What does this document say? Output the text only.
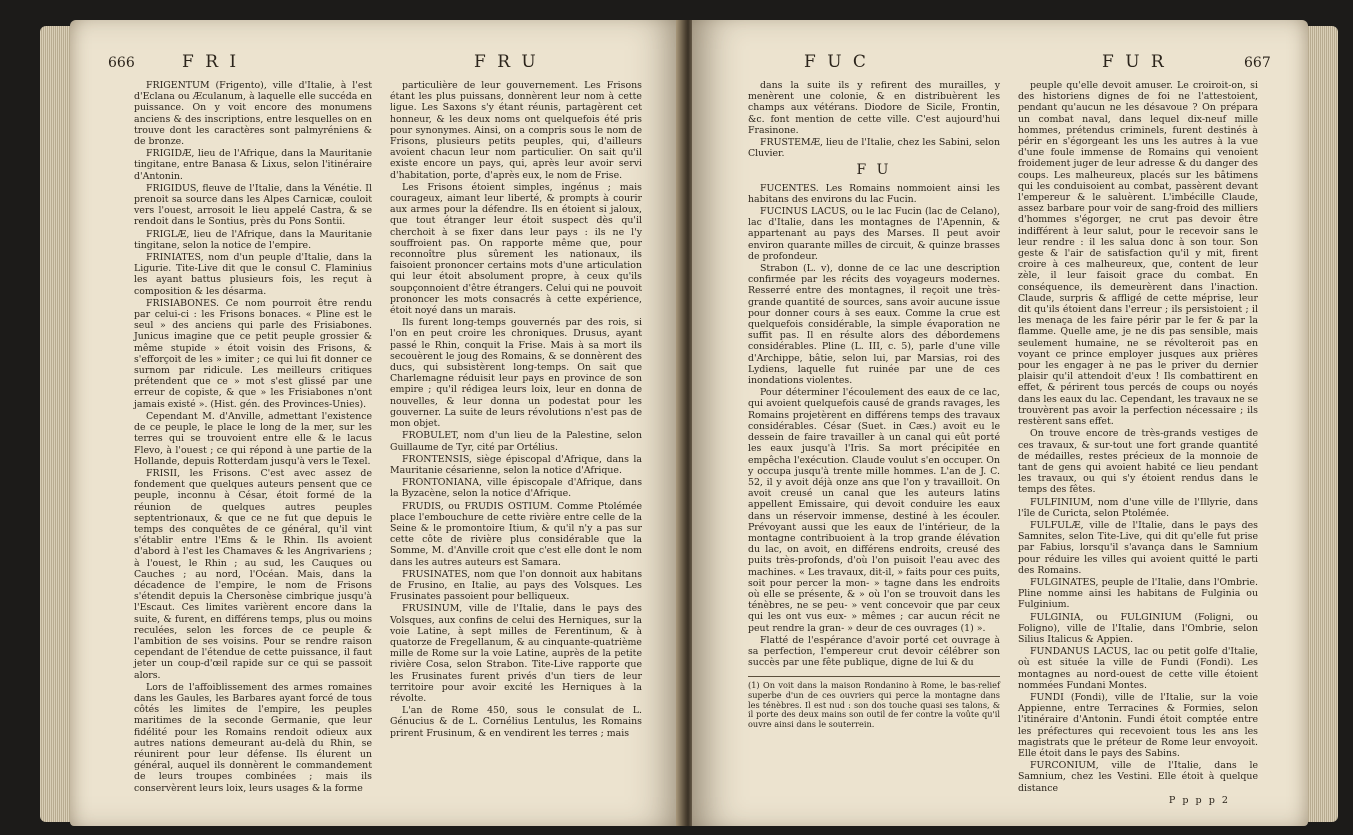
666	F R I	F R U

FRIGENTUM (Frigento), ville d'Italie, à l'est d'Eclana ou Æculanum, à laquelle elle succéda en puissance. On y voit encore des monumens anciens & des inscriptions, entre lesquelles on en trouve dont les caractères sont palmyréniens & de bronze.

FRIGIDÆ, lieu de l'Afrique, dans la Mauritanie tingitane, entre Banasa & Lixus, selon l'itinéraire d'Antonin.

FRIGIDUS, fleuve de l'Italie, dans la Vénétie. Il prenoit sa source dans les Alpes Carnicæ, couloit vers l'ouest, arrosoit le lieu appelé Castra, & se rendoit dans le Sontius, près du Pons Sontii.

FRIGLÆ, lieu de l'Afrique, dans la Mauritanie tingitane, selon la notice de l'empire.

FRINIATES, nom d'un peuple d'Italie, dans la Ligurie. Tite-Live dit que le consul C. Flaminius les ayant battus plusieurs fois, les reçut à composition & les désarma.

FRISIABONES. Ce nom pourroit être rendu par celui-ci : les Frisons bonaces. « Pline est le seul » des anciens qui parle des Frisiabones. Junicus imagine que ce petit peuple grossier & même stupide » étoit voisin des Frisons, & s'efforçoit de les » imiter ; ce qui lui fit donner ce surnom par ridicule. Les meilleurs critiques prétendent que ce » mot s'est glissé par une erreur de copiste, & que » les Frisiabones n'ont jamais existé ». (Hist. gén. des Provinces-Unies).

Cependant M. d'Anville, admettant l'existence de ce peuple, le place le long de la mer, sur les terres qui se trouvoient entre elle & le lacus Flevo, à l'ouest ; ce qui répond à une partie de la Hollande, depuis Rotterdam jusqu'à vers le Texel.

FRISII, les Frisons. C'est avec assez de fondement que quelques auteurs pensent que ce peuple, inconnu à César, étoit formé de la réunion de quelques autres peuples septentrionaux, & que ce ne fut que depuis le temps des conquêtes de ce général, qu'il vint s'établir entre l'Ems & le Rhin. Ils avoient d'abord à l'est les Chamaves & les Angrivariens ; à l'ouest, le Rhin ; au sud, les Cauques ou Cauches ; au nord, l'Océan. Mais, dans la décadence de l'empire, le nom de Frisons s'étendit depuis la Chersonèse cimbrique jusqu'à l'Escaut. Ces limites varièrent encore dans la suite, & furent, en différens temps, plus ou moins reculées, selon les forces de ce peuple & l'ambition de ses voisins. Pour se rendre raison cependant de l'étendue de cette puissance, il faut jeter un coup-d'œil rapide sur ce qui se passoit alors.

Lors de l'affoiblissement des armes romaines dans les Gaules, les Barbares ayant forcé de tous côtés les limites de l'empire, les peuples maritimes de la seconde Germanie, que leur fidélité pour les Romains rendoit odieux aux autres nations demeurant au-delà du Rhin, se réunirent pour leur défense. Ils élurent un général, auquel ils donnèrent le commandement de leurs troupes combinées ; mais ils conservèrent leurs loix, leurs usages & la forme

particulière de leur gouvernement. Les Frisons étant les plus puissans, donnèrent leur nom à cette ligue. Les Saxons s'y étant réunis, partagèrent cet honneur, & les deux noms ont quelquefois été pris pour synonymes. Ainsi, on a compris sous le nom de Frisons, plusieurs petits peuples, qui, d'ailleurs avoient chacun leur nom particulier. On sait qu'il existe encore un pays, qui, après leur avoir servi d'habitation, porte, d'après eux, le nom de Frise.

Les Frisons étoient simples, ingénus ; mais courageux, aimant leur liberté, & prompts à courir aux armes pour la défendre. Ils en étoient si jaloux, que tout étranger leur étoit suspect dès qu'il cherchoit à se fixer dans leur pays : ils ne l'y souffroient pas. On rapporte même que, pour reconnoître plus sûrement les nationaux, ils faisoient prononcer certains mots d'une articulation qui leur étoit absolument propre, à ceux qu'ils soupçonnoient d'être étrangers. Celui qui ne pouvoit prononcer les mots consacrés à cette expérience, étoit noyé dans un marais.

Ils furent long-temps gouvernés par des rois, si l'on en peut croire les chroniques. Drusus, ayant passé le Rhin, conquit la Frise. Mais à sa mort ils secouèrent le joug des Romains, & se donnèrent des ducs, qui subsistèrent long-temps. On sait que Charlemagne réduisit leur pays en province de son empire ; qu'il rédigea leurs loix, leur en donna de nouvelles, & leur donna un podestat pour les gouverner. La suite de leurs révolutions n'est pas de mon objet.

FROBULET, nom d'un lieu de la Palestine, selon Guillaume de Tyr, cité par Ortélius.

FRONTENSIS, siège épiscopal d'Afrique, dans la Mauritanie césarienne, selon la notice d'Afrique.

FRONTONIANA, ville épiscopale d'Afrique, dans la Byzacène, selon la notice d'Afrique.

FRUDIS, ou FRUDIS OSTIUM. Comme Ptolémée place l'embouchure de cette rivière entre celle de la Seine & le promontoire Itium, & qu'il n'y a pas sur cette côte de rivière plus considérable que la Somme, M. d'Anville croit que c'est elle dont le nom dans les autres auteurs est Samara.

FRUSINATES, nom que l'on donnoit aux habitans de Frusino, en Italie, au pays des Volsques. Les Frusinates passoient pour belliqueux.

FRUSINUM, ville de l'Italie, dans le pays des Volsques, aux confins de celui des Herniques, sur la voie Latine, à sept milles de Ferentinum, & à quatorze de Fregellanum, & au cinquante-quatrième mille de Rome sur la voie Latine, auprès de la petite rivière Cosa, selon Strabon. Tite-Live rapporte que les Frusinates furent privés d'un tiers de leur territoire pour avoir excité les Herniques à la révolte.

L'an de Rome 450, sous le consulat de L. Génucius & de L. Cornélius Lentulus, les Romains prirent Frusinum, & en vendirent les terres ; mais

F U C	F U R	667

dans la suite ils y refirent des murailles, y menèrent une colonie, & en distribuèrent les champs aux vétérans. Diodore de Sicile, Frontin, &c. font mention de cette ville. C'est aujourd'hui Frasinone.

FRUSTEMÆ, lieu de l'Italie, chez les Sabini, selon Cluvier.

F U

FUCENTES. Les Romains nommoient ainsi les habitans des environs du lac Fucin.

FUCINUS LACUS, ou le lac Fucin (lac de Celano), lac d'Italie, dans les montagnes de l'Apennin, & appartenant au pays des Marses. Il peut avoir environ quarante milles de circuit, & quinze brasses de profondeur.

Strabon (L. v), donne de ce lac une description confirmée par les récits des voyageurs modernes. Resserré entre des montagnes, il reçoit une très-grande quantité de sources, sans avoir aucune issue pour donner cours à ses eaux. Comme la crue est quelquefois considérable, la simple évaporation ne suffit pas. Il en résulte alors des débordemens considérables. Pline (L. III, c. 5), parle d'une ville d'Archippe, bâtie, selon lui, par Marsias, roi des Lydiens, laquelle fut ruinée par une de ces inondations violentes.

Pour déterminer l'écoulement des eaux de ce lac, qui avoient quelquefois causé de grands ravages, les Romains projetèrent en différens temps des travaux considérables. César (Suet. in Cæs.) avoit eu le dessein de faire travailler à un canal qui eût porté les eaux jusqu'à l'Iris. Sa mort précipitée en empêcha l'exécution. Claude voulut s'en occuper. On y occupa jusqu'à trente mille hommes. L'an de J. C. 52, il y avoit déjà onze ans que l'on y travailloit. On avoit creusé un canal que les auteurs latins appellent Emissaire, qui devoit conduire les eaux dans un réservoir immense, destiné à les écouler. Prévoyant aussi que les eaux de l'intérieur, de la montagne contribuoient à la trop grande élévation du lac, on avoit, en différens endroits, creusé des puits très-profonds, d'où l'on puisoit l'eau avec des machines. « Les travaux, dit-il, » faits pour ces puits, soit pour percer la mon- » tagne dans les endroits où elle se présente, & » où l'on se trouvoit dans les ténèbres, ne se peu- » vent concevoir que par ceux qui les ont vus eux- » mêmes ; car aucun récit ne peut rendre la gran- » deur de ces ouvrages (1) ».

Flatté de l'espérance d'avoir porté cet ouvrage à sa perfection, l'empereur crut devoir célébrer son succès par une fête publique, digne de lui & du

(1) On voit dans la maison Rondanino à Rome, le bas-relief superbe d'un de ces ouvriers qui perce la montagne dans les ténèbres. Il est nud : son dos touche quasi ses talons, & il porte des deux mains son outil de fer contre la voûte qu'il ouvre ainsi dans le souterrein.

peuple qu'elle devoit amuser. Le croiroit-on, si des historiens dignes de foi ne l'attestoient, pendant qu'aucun ne les désavoue ? On prépara un combat naval, dans lequel dix-neuf mille hommes, prétendus criminels, furent destinés à périr en s'égorgeant les uns les autres à la vue d'une foule immense de Romains qui venoient froidement juger de leur adresse & du danger des coups. Les malheureux, placés sur les bâtimens qui les conduisoient au combat, passèrent devant l'empereur & le saluèrent. L'imbécille Claude, assez barbare pour voir de sang-froid des milliers d'hommes s'égorger, ne crut pas devoir être indifférent à leur salut, pour le recevoir sans le leur rendre : il les salua donc à son tour. Son geste & l'air de satisfaction qu'il y mit, firent croire à ces malheureux, que, content de leur zèle, il leur faisoit grace du combat. En conséquence, ils demeurèrent dans l'inaction. Claude, surpris & affligé de cette méprise, leur dit qu'ils étoient dans l'erreur ; ils persistoient ; il les menaça de les faire périr par le fer & par la flamme. Quelle ame, je ne dis pas sensible, mais seulement humaine, ne se révolteroit pas en voyant ce prince employer jusques aux prières pour les engager à ne pas le priver du dernier plaisir qu'il attendoit d'eux ! Ils combattirent en effet, & périrent tous percés de coups ou noyés dans les eaux du lac. Cependant, les travaux ne se trouvèrent pas avoir la perfection nécessaire ; ils restèrent sans effet.

On trouve encore de très-grands vestiges de ces travaux, & sur-tout une fort grande quantité de médailles, restes précieux de la monnoie de tant de gens qui avoient habité ce lieu pendant les travaux, ou qui s'y étoient rendus dans le temps des fêtes.

FULFINIUM, nom d'une ville de l'Illyrie, dans l'île de Curicta, selon Ptolémée.

FULFULÆ, ville de l'Italie, dans le pays des Samnites, selon Tite-Live, qui dit qu'elle fut prise par Fabius, lorsqu'il s'avança dans le Samnium pour réduire les villes qui avoient quitté le parti des Romains.

FULGINATES, peuple de l'Italie, dans l'Ombrie. Pline nomme ainsi les habitans de Fulginia ou Fulginium.

FULGINIA, ou FULGINIUM (Foligni, ou Foligno), ville de l'Italie, dans l'Ombrie, selon Silius Italicus & Appien.

FUNDANUS LACUS, lac ou petit golfe d'Italie, où est située la ville de Fundi (Fondi). Les montagnes au nord-ouest de cette ville étoient nommées Fundani Montes.

FUNDI (Fondi), ville de l'Italie, sur la voie Appienne, entre Terracines & Formies, selon l'itinéraire d'Antonin. Fundi étoit comptée entre les préfectures qui recevoient tous les ans les magistrats que le préteur de Rome leur envoyoit. Elle étoit dans le pays des Sabins.

FURCONIUM, ville de l'Italie, dans le Samnium, chez les Vestini. Elle étoit à quelque distance

P p p p 2
